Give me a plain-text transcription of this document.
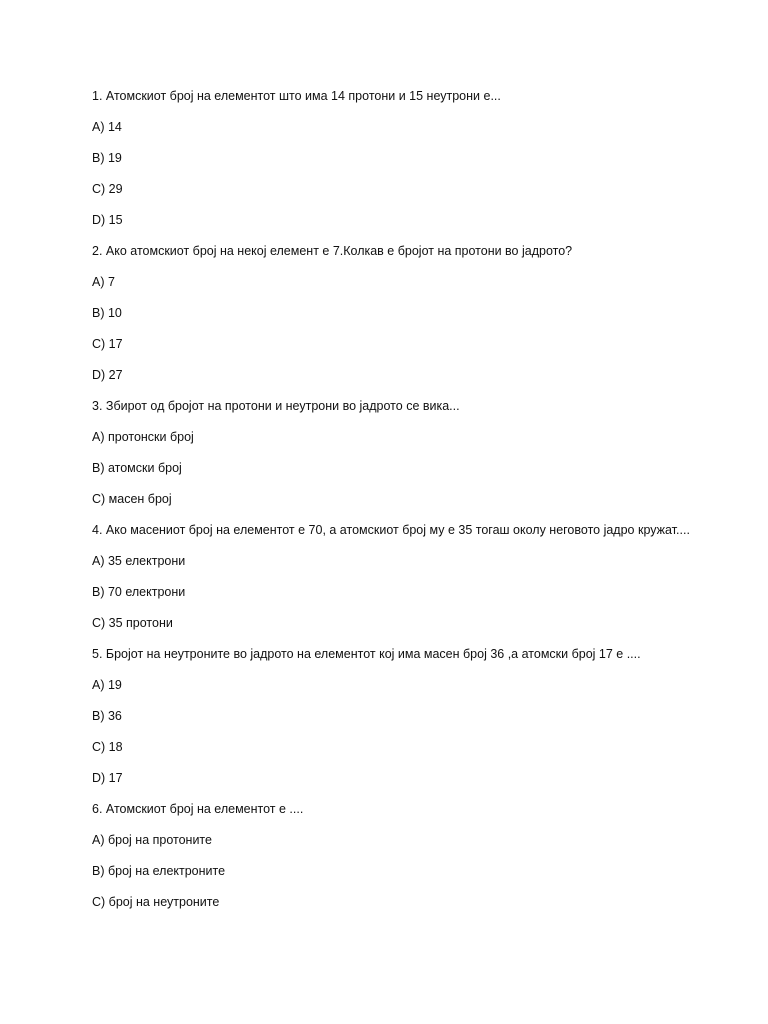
1. Атомскиот број на елементот што има 14 протони и 15 неутрони е...

A) 14

B) 19

C) 29

D) 15

2. Ако атомскиот број на некој елемент е 7.Колкав е бројот на протони во јадрото?

A) 7

B) 10

C) 17

D) 27

3. Збирот од бројот на протони и неутрони во јадрото се вика...

A) протонски број

B) атомски број

C) масен број

4. Ако масениот број на елементот е 70, а атомскиот број му е 35 тогаш околу неговото јадро кружат....

A) 35 електрони

B) 70 електрони

C) 35 протони

5. Бројот на неутроните во јадрото на елементот кој има масен број 36 ,а атомски број 17 е ....

A) 19

B) 36

C) 18

D) 17

6. Атомскиот број на елементот е ....

A) број на протоните

B) број на електроните

C) број на неутроните
